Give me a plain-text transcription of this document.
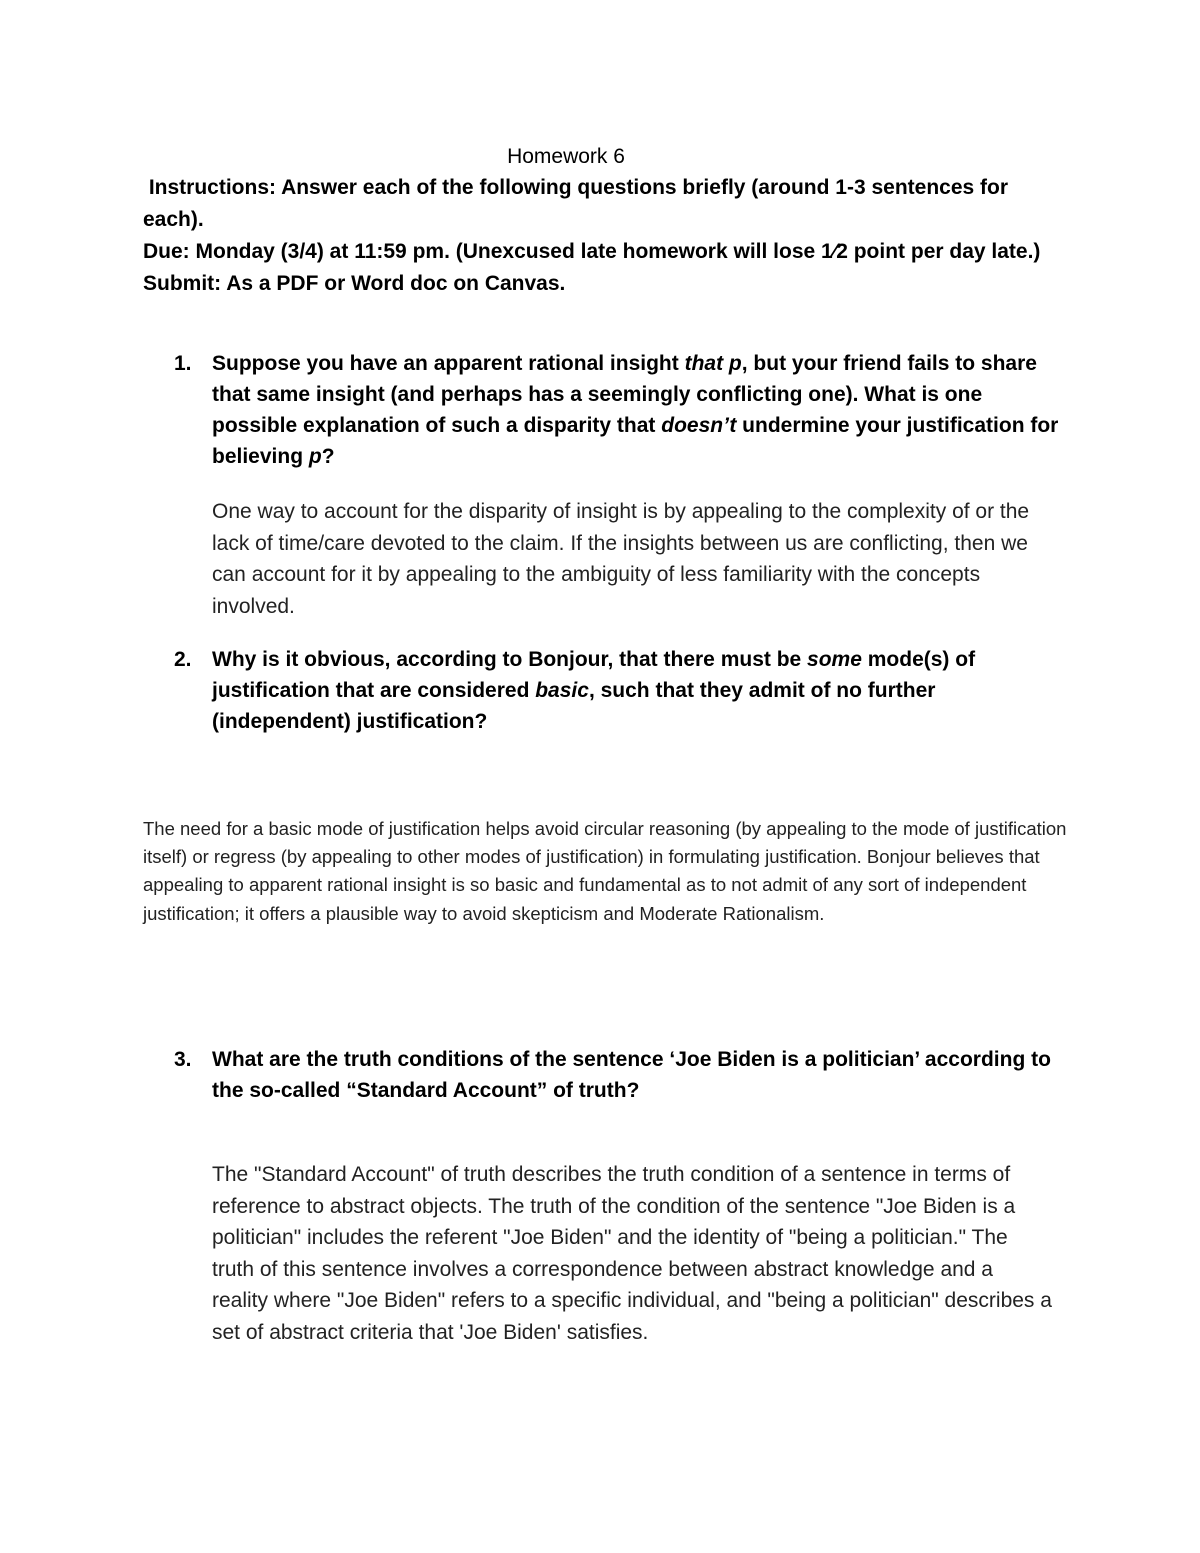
Homework 6

Instructions: Answer each of the following questions briefly (around 1-3 sentences for each).

Due: Monday (3/4) at 11:59 pm. (Unexcused late homework will lose 1⁄2 point per day late.) Submit: As a PDF or Word doc on Canvas.

1. Suppose you have an apparent rational insight that p, but your friend fails to share that same insight (and perhaps has a seemingly conflicting one). What is one possible explanation of such a disparity that doesn’t undermine your justification for believing p?

One way to account for the disparity of insight is by appealing to the complexity of or the lack of time/care devoted to the claim. If the insights between us are conflicting, then we can account for it by appealing to the ambiguity of less familiarity with the concepts involved.

2. Why is it obvious, according to Bonjour, that there must be some mode(s) of justification that are considered basic, such that they admit of no further (independent) justification?

The need for a basic mode of justification helps avoid circular reasoning (by appealing to the mode of justification itself) or regress (by appealing to other modes of justification) in formulating justification. Bonjour believes that appealing to apparent rational insight is so basic and fundamental as to not admit of any sort of independent justification; it offers a plausible way to avoid skepticism and Moderate Rationalism.

3. What are the truth conditions of the sentence ‘Joe Biden is a politician’ according to the so-called “Standard Account” of truth?

The "Standard Account" of truth describes the truth condition of a sentence in terms of reference to abstract objects. The truth of the condition of the sentence "Joe Biden is a politician" includes the referent "Joe Biden" and the identity of "being a politician." The truth of this sentence involves a correspondence between abstract knowledge and a reality where "Joe Biden" refers to a specific individual, and "being a politician" describes a set of abstract criteria that 'Joe Biden' satisfies.
